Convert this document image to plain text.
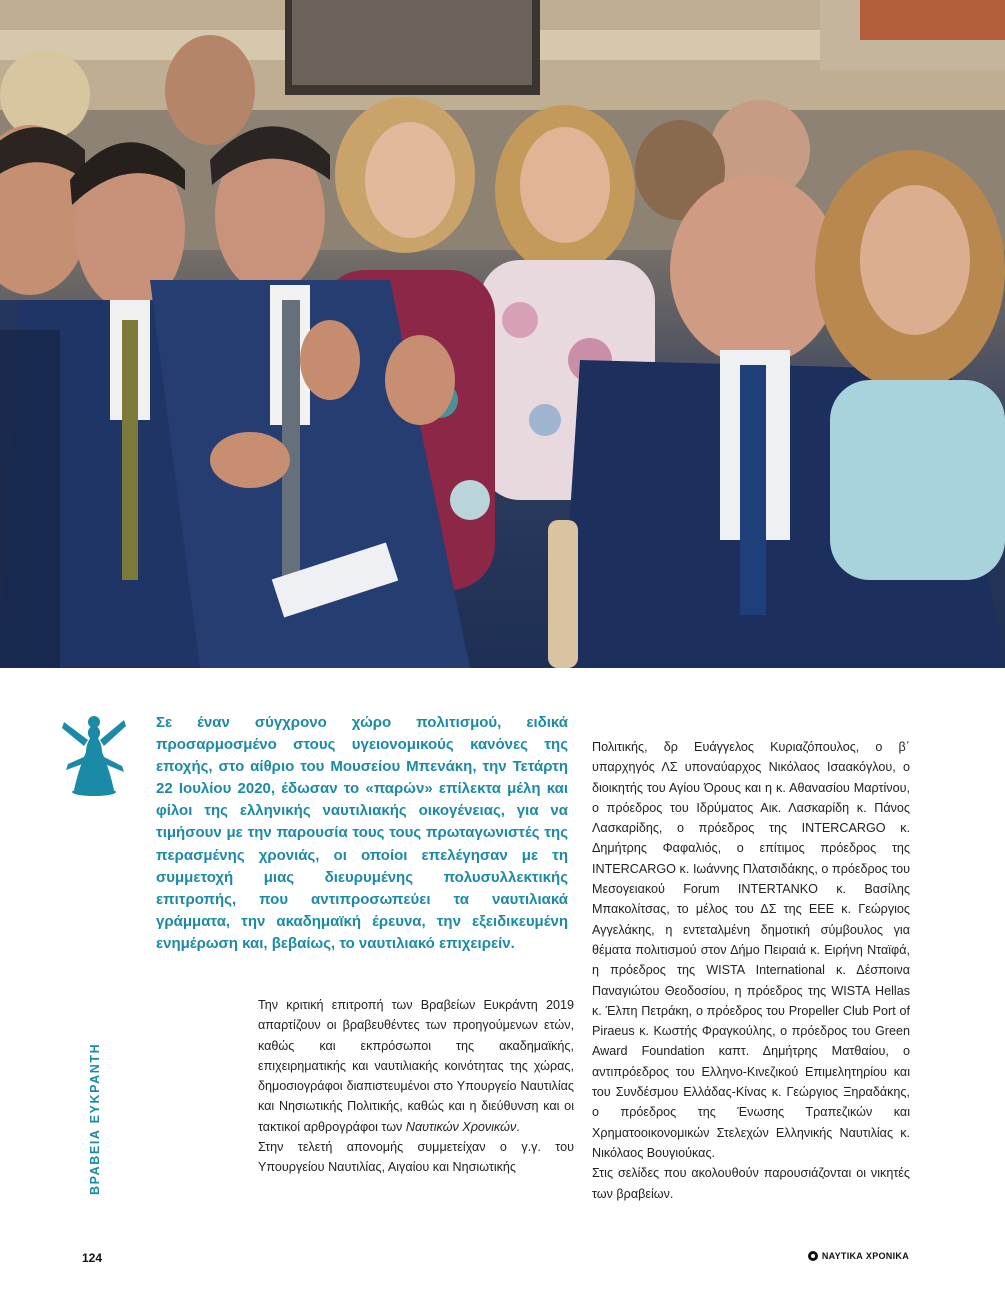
ΒΡΑΒΕΙΑ ΕΥΚΡΑΝΤΗ
Σε έναν σύγχρονο χώρο πολιτισμού, ειδικά προσαρμοσμένο στους υγειονομικούς κανόνες της εποχής, στο αίθριο του Μουσείου Μπενάκη, την Τετάρτη 22 Ιουλίου 2020, έδωσαν το «παρών» επίλεκτα μέλη και φίλοι της ελληνικής ναυτιλιακής οικογένειας, για να τιμήσουν με την παρουσία τους τους πρωταγωνιστές της περασμένης χρονιάς, οι οποίοι επελέγησαν με τη συμμετοχή μιας διευρυμένης πολυσυλλεκτικής επιτροπής, που αντιπροσωπεύει τα ναυτιλιακά γράμματα, την ακαδημαϊκή έρευνα, την εξειδικευμένη ενημέρωση και, βεβαίως, το ναυτιλιακό επιχειρείν.

Την κριτική επιτροπή των Βραβείων Ευκράντη 2019 απαρτίζουν οι βραβευθέντες των προηγούμενων ετών, καθώς και εκπρόσωποι της ακαδημαϊκής, επιχειρηματικής και ναυτιλιακής κοινότητας της χώρας, δημοσιογράφοι διαπιστευμένοι στο Υπουργείο Ναυτιλίας και Νησιωτικής Πολιτικής, καθώς και η διεύθυνση και οι τακτικοί αρθρογράφοι των Ναυτικών Χρονικών.

Στην τελετή απονομής συμμετείχαν ο γ.γ. του Υπουργείου Ναυτιλίας, Αιγαίου και Νησιωτικής

Πολιτικής, δρ Ευάγγελος Κυριαζόπουλος, ο β΄ υπαρχηγός ΛΣ υποναύαρχος Νικόλαος Ισαακόγλου, ο διοικητής του Αγίου Όρους και η κ. Αθανασίου Μαρτίνου, ο πρόεδρος του Ιδρύματος Αικ. Λασκαρίδη κ. Πάνος Λασκαρίδης, ο πρόεδρος της INTERCARGO κ. Δημήτρης Φαφαλιός, ο επίτιμος πρόεδρος της INTERCARGO κ. Ιωάννης Πλατσιδάκης, ο πρόεδρος του Μεσογειακού Forum INTERTANKO κ. Βασίλης Μπακολίτσας, το μέλος του ΔΣ της ΕΕΕ κ. Γεώργιος Αγγελάκης, η εντεταλμένη δημοτική σύμβουλος για θέματα πολιτισμού στον Δήμο Πειραιά κ. Ειρήνη Νταϊφά, η πρόεδρος της WISTA International κ. Δέσποινα Παναγιώτου Θεοδοσίου, η πρόεδρος της WISTA Hellas κ. Έλπη Πετράκη, ο πρόεδρος του Propeller Club Port of Piraeus κ. Κωστής Φραγκούλης, ο πρόεδρος του Green Award Foundation καπτ. Δημήτρης Ματθαίου, ο αντιπρόεδρος του Ελληνο-Κινεζικού Επιμελητηρίου και του Συνδέσμου Ελλάδας-Κίνας κ. Γεώργιος Ξηραδάκης, ο πρόεδρος της Ένωσης Τραπεζικών και Χρηματοοικονομικών Στελεχών Ελληνικής Ναυτιλίας κ. Νικόλαος Βουγιούκας.

Στις σελίδες που ακολουθούν παρουσιάζονται οι νικητές των βραβείων.

124	ΝΑΥΤΙΚΑ ΧΡΟΝΙΚΑ
